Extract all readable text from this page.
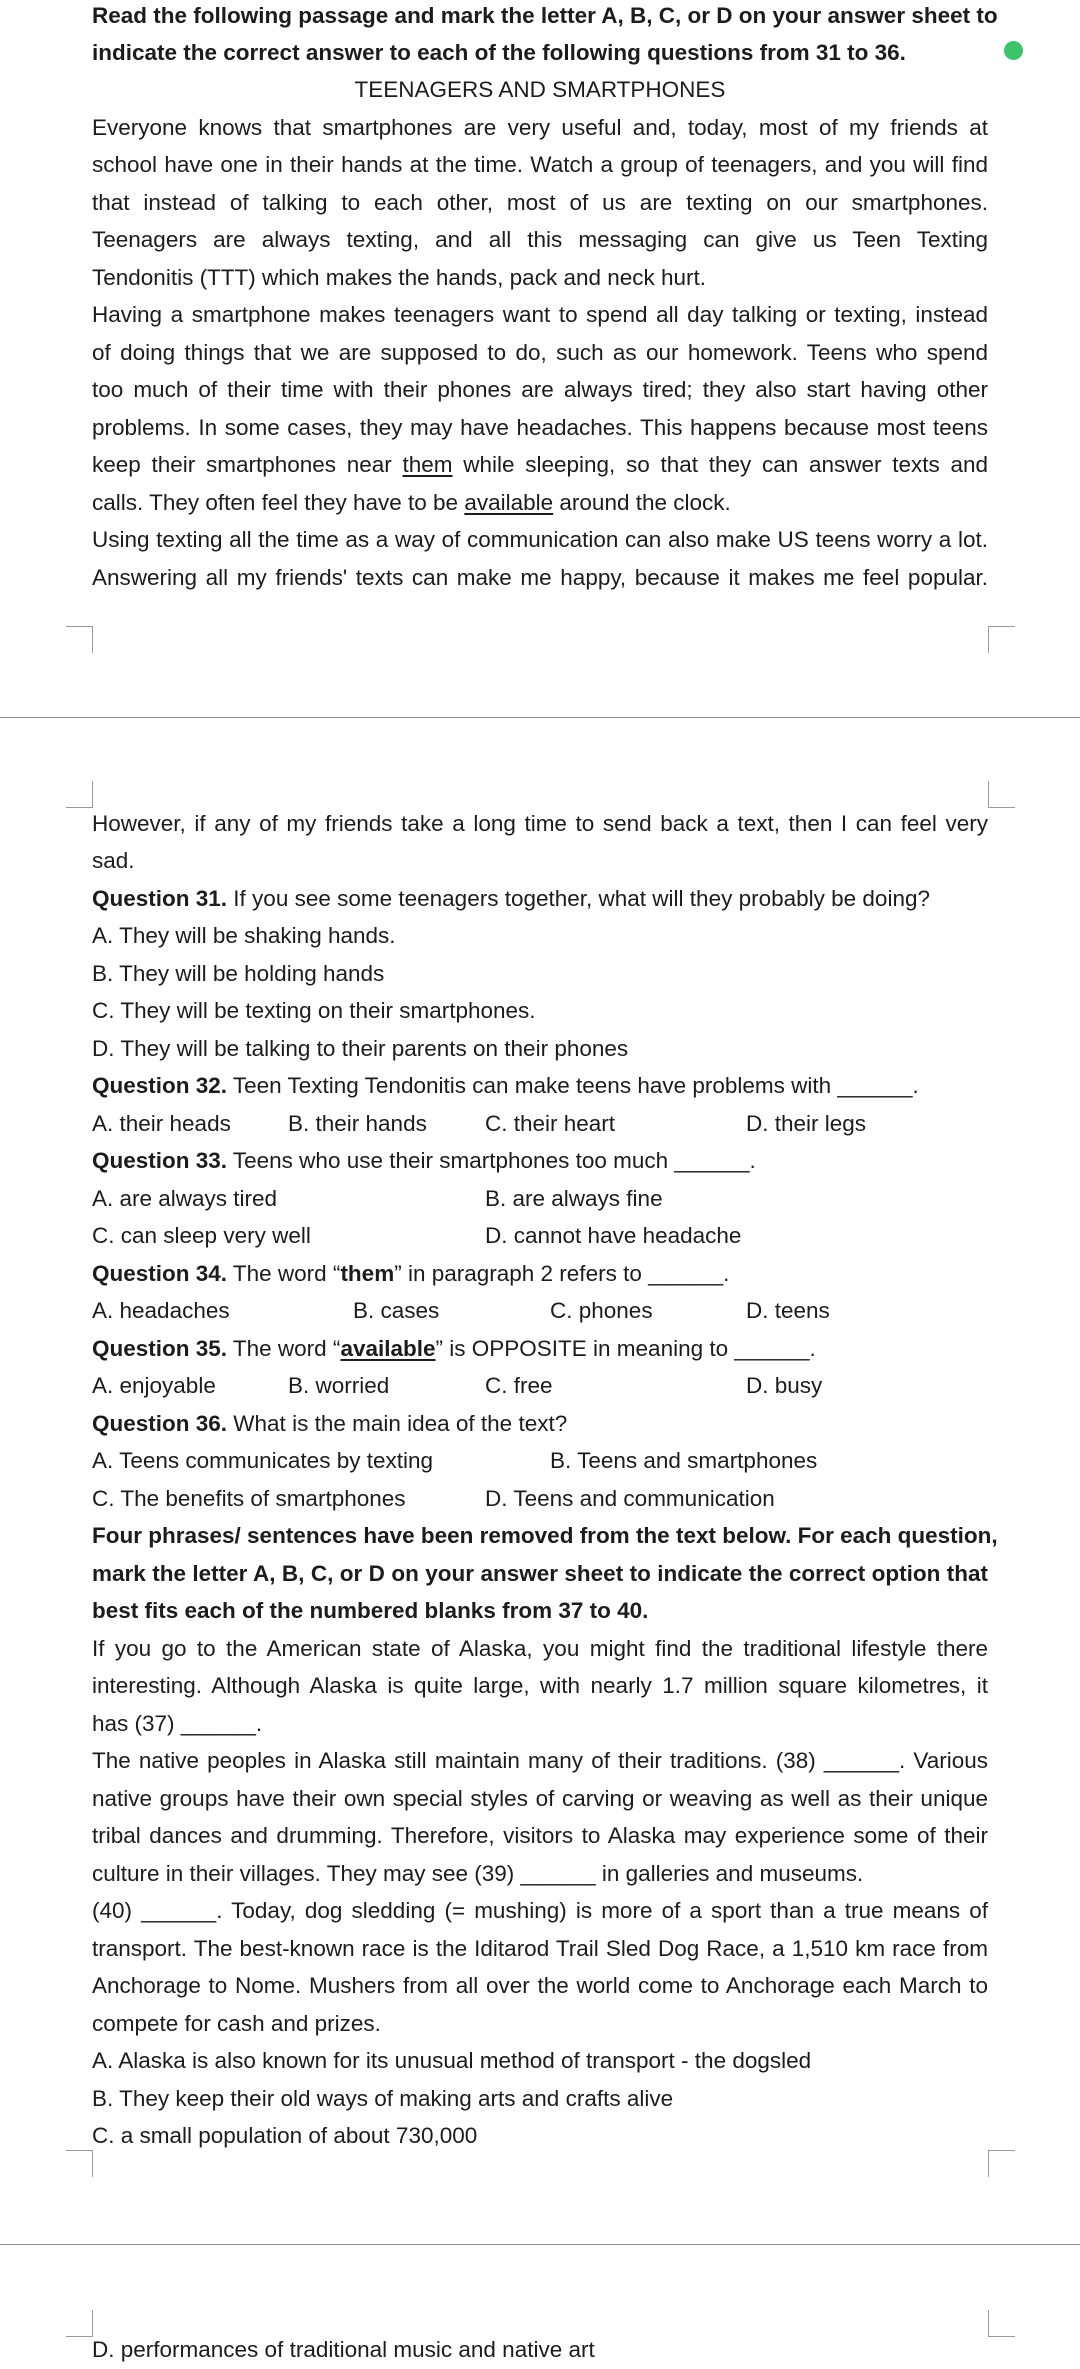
Read the following passage and mark the letter A, B, C, or D on your answer sheet to

indicate the correct answer to each of the following questions from 31 to 36.

TEENAGERS AND SMARTPHONES

Everyone knows that smartphones are very useful and, today, most of my friends at

school have one in their hands at the time. Watch a group of teenagers, and you will find

that instead of talking to each other, most of us are texting on our smartphones.

Teenagers are always texting, and all this messaging can give us Teen Texting

Tendonitis (TTT) which makes the hands, pack and neck hurt.

Having a smartphone makes teenagers want to spend all day talking or texting, instead

of doing things that we are supposed to do, such as our homework. Teens who spend

too much of their time with their phones are always tired; they also start having other

problems. In some cases, they may have headaches. This happens because most teens

keep their smartphones near them while sleeping, so that they can answer texts and

calls. They often feel they have to be available around the clock.

Using texting all the time as a way of communication can also make US teens worry a lot.

Answering all my friends' texts can make me happy, because it makes me feel popular.

However, if any of my friends take a long time to send back a text, then I can feel very

sad.

Question 31. If you see some teenagers together, what will they probably be doing?

A. They will be shaking hands.

B. They will be holding hands

C. They will be texting on their smartphones.

D. They will be talking to their parents on their phones

Question 32. Teen Texting Tendonitis can make teens have problems with ______.

A. their heads	B. their hands	C. their heart	D. their legs

Question 33. Teens who use their smartphones too much ______.

A. are always tired	B. are always fine

C. can sleep very well	D. cannot have headache

Question 34. The word “them” in paragraph 2 refers to ______.

A. headaches	B. cases	C. phones	D. teens

Question 35. The word “available” is OPPOSITE in meaning to ______.

A. enjoyable	B. worried	C. free	D. busy

Question 36. What is the main idea of the text?

A. Teens communicates by texting	B. Teens and smartphones

C. The benefits of smartphones	D. Teens and communication

Four phrases/ sentences have been removed from the text below. For each question,

mark the letter A, B, C, or D on your answer sheet to indicate the correct option that

best fits each of the numbered blanks from 37 to 40.

If you go to the American state of Alaska, you might find the traditional lifestyle there

interesting. Although Alaska is quite large, with nearly 1.7 million square kilometres, it

has (37) ______.

The native peoples in Alaska still maintain many of their traditions. (38) ______. Various

native groups have their own special styles of carving or weaving as well as their unique

tribal dances and drumming. Therefore, visitors to Alaska may experience some of their

culture in their villages. They may see (39) ______ in galleries and museums.

(40) ______. Today, dog sledding (= mushing) is more of a sport than a true means of

transport. The best-known race is the Iditarod Trail Sled Dog Race, a 1,510 km race from

Anchorage to Nome. Mushers from all over the world come to Anchorage each March to

compete for cash and prizes.

A. Alaska is also known for its unusual method of transport - the dogsled

B. They keep their old ways of making arts and crafts alive

C. a small population of about 730,000

D. performances of traditional music and native art
